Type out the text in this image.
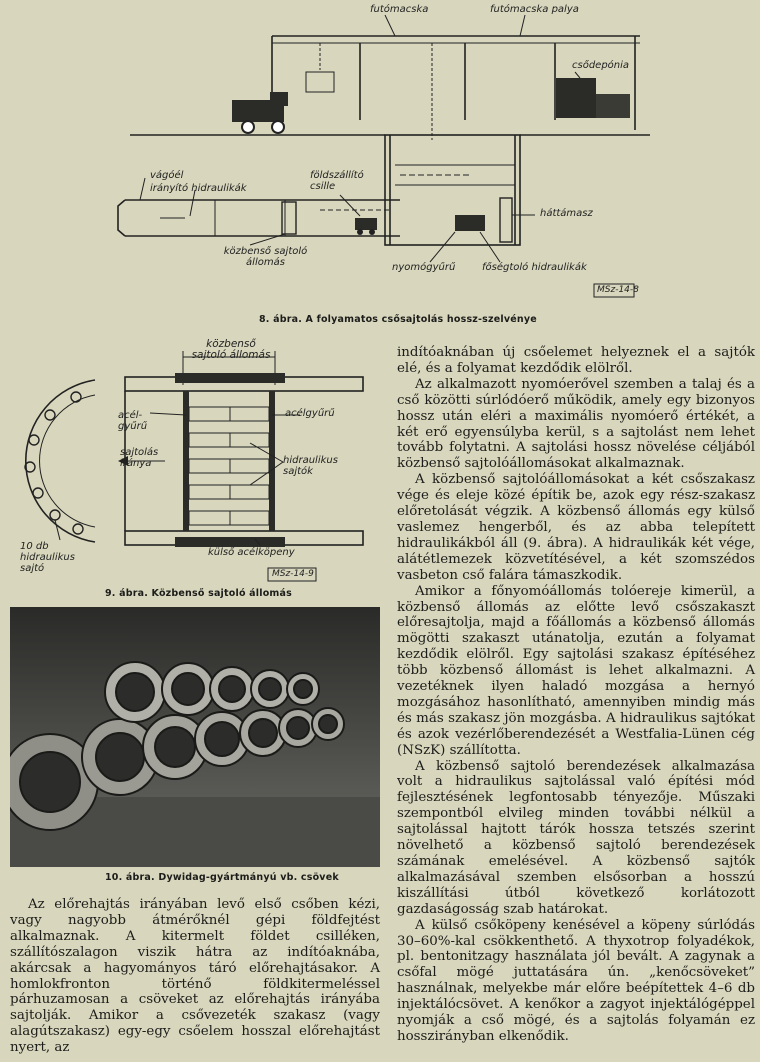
futómacska	futómacska palya
csődepónia
vágóél
irányító hidraulikák
földszállító csille
háttámasz
közbenső sajtoló állomás	nyomógyűrű	főségtoló hidraulikák
MSz-14-8
8. ábra. A folyamatos csősajtolás hossz-szelvénye
közbenső sajtoló állomás
acél-gyűrű
acélgyűrű
sajtolás iránya	hidraulikus sajtók
10 db hidraulikus sajtó
külső acélköpeny
MSz-14-9
9. ábra. Közbenső sajtoló állomás
10. ábra. Dywidag-gyártmányú vb. csövek

Az előrehajtás irányában levő első csőben kézi, vagy nagyobb átmérőknél gépi földfejtést alkalmaznak. A kitermelt földet csilléken, szállítószalagon viszik hátra az indítóaknába, akárcsak a hagyományos táró előrehajtásakor. A homlokfronton történő földkitermeléssel párhuzamosan a csöveket az előrehajtás irányába sajtolják. Amikor a csővezeték szakasz (vagy alagútszakasz) egy-egy csőelem hosszal előrehajtást nyert, az

indítóaknában új csőelemet helyeznek el a sajtók elé, és a folyamat kezdődik elölről.

Az alkalmazott nyomóerővel szemben a talaj és a cső közötti súrlódóerő működik, amely egy bizonyos hossz után eléri a maximális nyomóerő értékét, a két erő egyensúlyba kerül, s a sajtolást nem lehet tovább folytatni. A sajtolási hossz növelése céljából közbenső sajtolóállomásokat alkalmaznak.

A közbenső sajtolóállomásokat a két csőszakasz vége és eleje közé építik be, azok egy rész-szakasz előretolását végzik. A közbenső állomás egy külső vaslemez hengerből, és az abba telepített hidraulikákból áll (9. ábra). A hidraulikák két vége, alátétlemezek közvetítésével, a két szomszédos vasbeton cső falára támaszkodik.

Amikor a főnyomóállomás tolóereje kimerül, a közbenső állomás az előtte levő csőszakaszt előresajtolja, majd a főállomás a közbenső állomás mögötti szakaszt utánatolja, ezután a folyamat kezdődik elölről. Egy sajtolási szakasz építéséhez több közbenső állomást is lehet alkalmazni. A vezetéknek ilyen haladó mozgása a hernyó mozgásához hasonlítható, amennyiben mindig más és más szakasz jön mozgásba. A hidraulikus sajtókat és azok vezérlőberendezését a Westfalia-Lünen cég (NSzK) szállította.

A közbenső sajtoló berendezések alkalmazása volt a hidraulikus sajtolással való építési mód fejlesztésének legfontosabb tényezője. Műszaki szempontból elvileg minden további nélkül a sajtolással hajtott tárók hossza tetszés szerint növelhető a közbenső sajtoló berendezések számának emelésével. A közbenső sajtók alkalmazásával szemben elsősorban a hosszú kiszállítási útból következő korlátozott gazdaságosság szab határokat.

A külső csőköpeny kenésével a köpeny súrlódás 30–60%-kal csökkenthető. A thyxotrop folyadékok, pl. bentonitzagy használata jól bevált. A zagynak a csőfal mögé juttatására ún. „kenőcsöveket” használnak, melyekbe már előre beépítettek 4–6 db injektálócsövet. A kenőkor a zagyot injektálógéppel nyomják a cső mögé, és a sajtolás folyamán ez hosszirányban elkenődik.
